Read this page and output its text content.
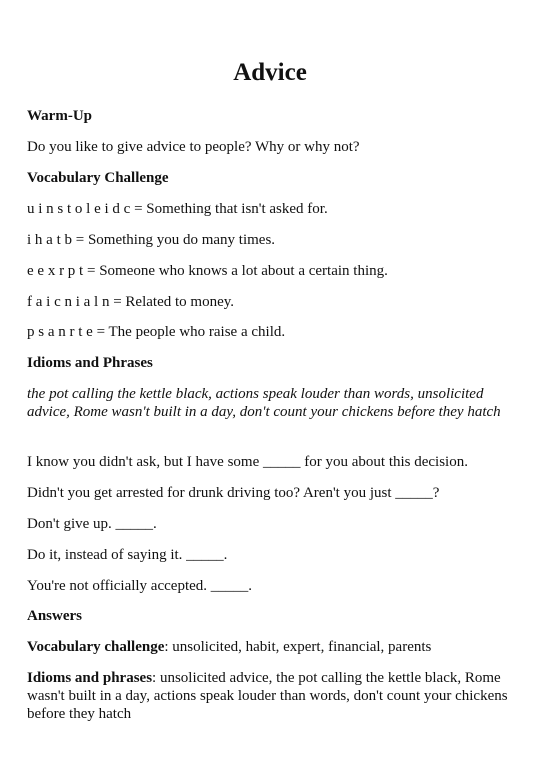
Advice

Warm-Up

Do you like to give advice to people? Why or why not?

Vocabulary Challenge

u i n s t o l e i d c = Something that isn't asked for.

i h a t b = Something you do many times.

e e x r p t = Someone who knows a lot about a certain thing.

f a i c n i a l n = Related to money.

p s a n r t e = The people who raise a child.

Idioms and Phrases

the pot calling the kettle black, actions speak louder than words, unsolicited advice, Rome wasn't built in a day, don't count your chickens before they hatch

I know you didn't ask, but I have some _____ for you about this decision.

Didn't you get arrested for drunk driving too? Aren't you just _____?

Don't give up. _____.

Do it, instead of saying it. _____.

You're not officially accepted. _____.

Answers

Vocabulary challenge: unsolicited, habit, expert, financial, parents

Idioms and phrases: unsolicited advice, the pot calling the kettle black, Rome wasn't built in a day, actions speak louder than words, don't count your chickens before they hatch
